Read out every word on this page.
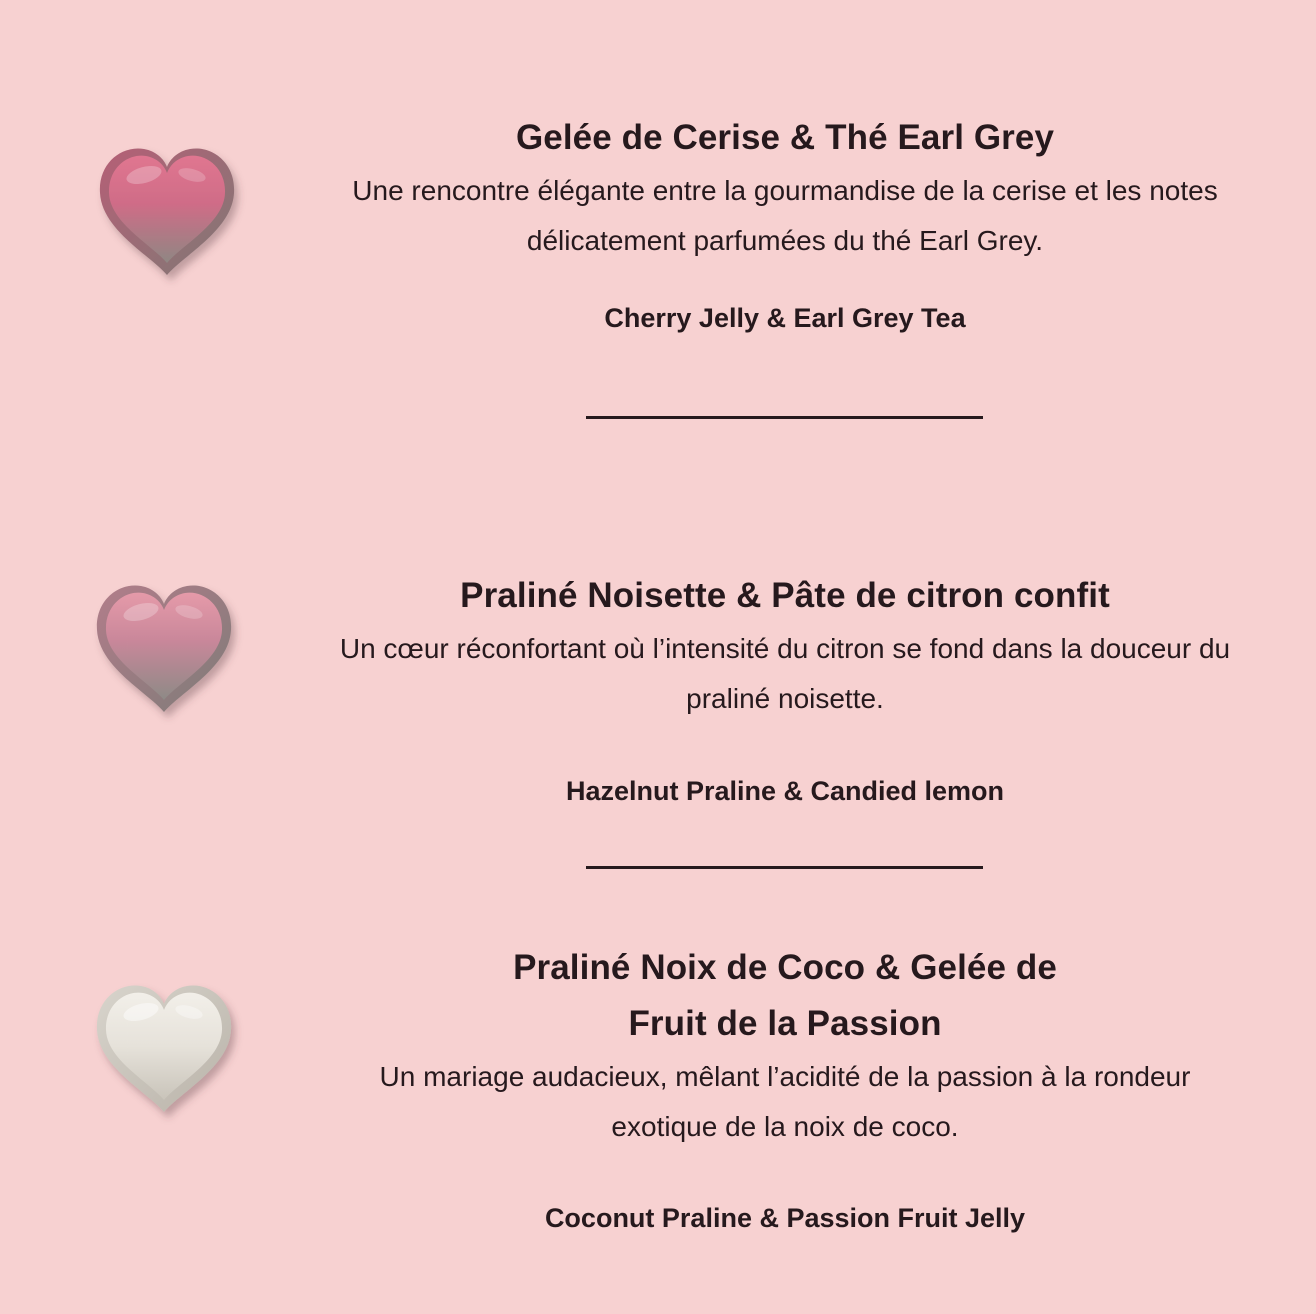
Gelée de Cerise & Thé Earl Grey

Une rencontre élégante entre la gourmandise de la cerise et les notes délicatement parfumées du thé Earl Grey.

Cherry Jelly & Earl Grey Tea

Praliné Noisette & Pâte de citron confit

Un cœur réconfortant où l’intensité du citron se fond dans la douceur du praliné noisette.

Hazelnut Praline & Candied lemon

Praliné Noix de Coco & Gelée de
Fruit de la Passion

Un mariage audacieux, mêlant l’acidité de la passion à la rondeur exotique de la noix de coco.

Coconut Praline & Passion Fruit Jelly
